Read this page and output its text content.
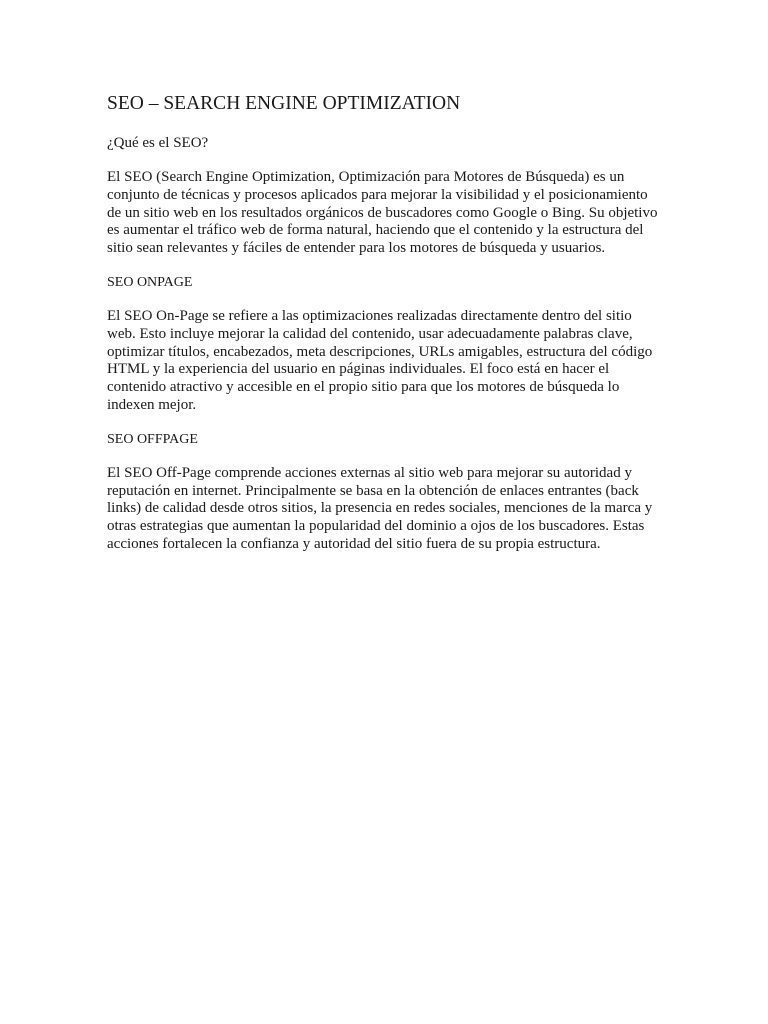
SEO – SEARCH ENGINE OPTIMIZATION

¿Qué es el SEO?

El SEO (Search Engine Optimization, Optimización para Motores de Búsqueda) es un conjunto de técnicas y procesos aplicados para mejorar la visibilidad y el posicionamiento de un sitio web en los resultados orgánicos de buscadores como Google o Bing. Su objetivo es aumentar el tráfico web de forma natural, haciendo que el contenido y la estructura del sitio sean relevantes y fáciles de entender para los motores de búsqueda y usuarios.

SEO ONPAGE

El SEO On-Page se refiere a las optimizaciones realizadas directamente dentro del sitio web. Esto incluye mejorar la calidad del contenido, usar adecuadamente palabras clave, optimizar títulos, encabezados, meta descripciones, URLs amigables, estructura del código HTML y la experiencia del usuario en páginas individuales. El foco está en hacer el contenido atractivo y accesible en el propio sitio para que los motores de búsqueda lo indexen mejor.

SEO OFFPAGE

El SEO Off-Page comprende acciones externas al sitio web para mejorar su autoridad y reputación en internet. Principalmente se basa en la obtención de enlaces entrantes (back links) de calidad desde otros sitios, la presencia en redes sociales, menciones de la marca y otras estrategias que aumentan la popularidad del dominio a ojos de los buscadores. Estas acciones fortalecen la confianza y autoridad del sitio fuera de su propia estructura.
